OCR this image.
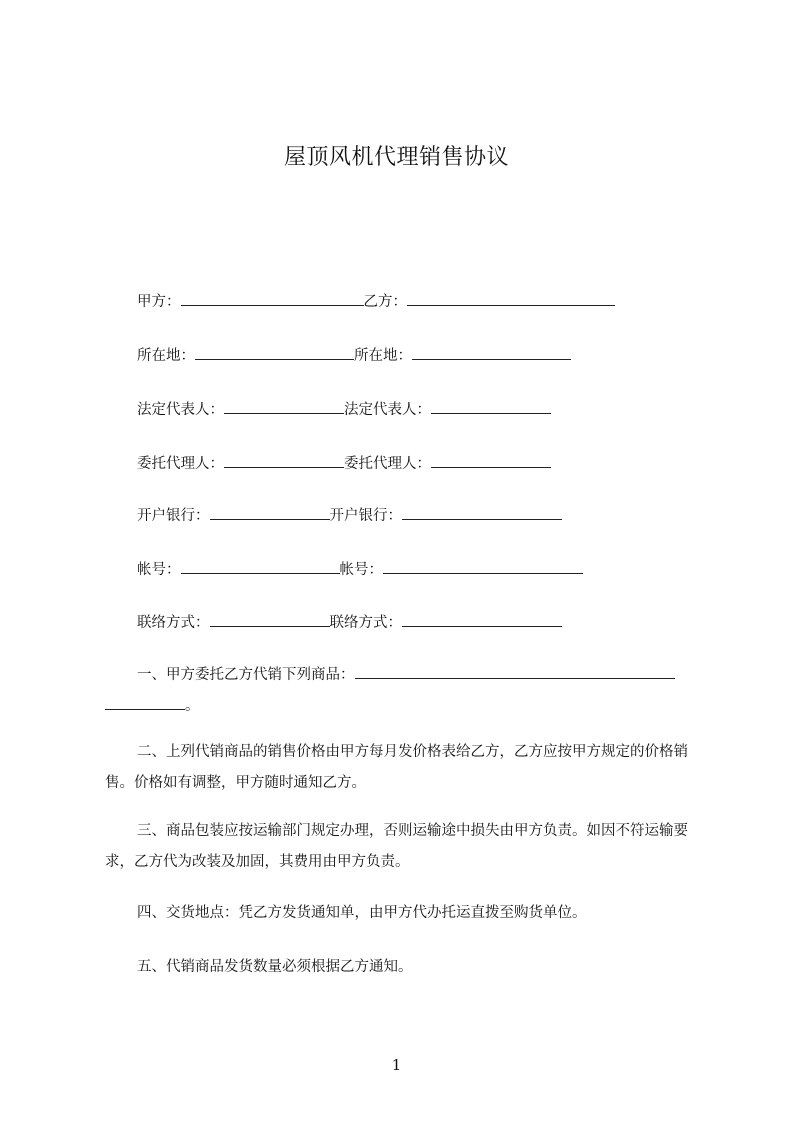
屋顶风机代理销售协议
甲方：	乙方：
所在地：	所在地：
法定代表人：	法定代表人：
委托代理人：	委托代理人：
开户银行：	开户银行：
帐号：	帐号：
联络方式：	联络方式：
一、甲方委托乙方代销下列商品：
。
二、上列代销商品的销售价格由甲方每月发价格表给乙方，乙方应按甲方规定的价格销售。价格如有调整，甲方随时通知乙方。
三、商品包装应按运输部门规定办理，否则运输途中损失由甲方负责。如因不符运输要求，乙方代为改装及加固，其费用由甲方负责。
四、交货地点：凭乙方发货通知单，由甲方代办托运直拨至购货单位。
五、代销商品发货数量必须根据乙方通知。
1
